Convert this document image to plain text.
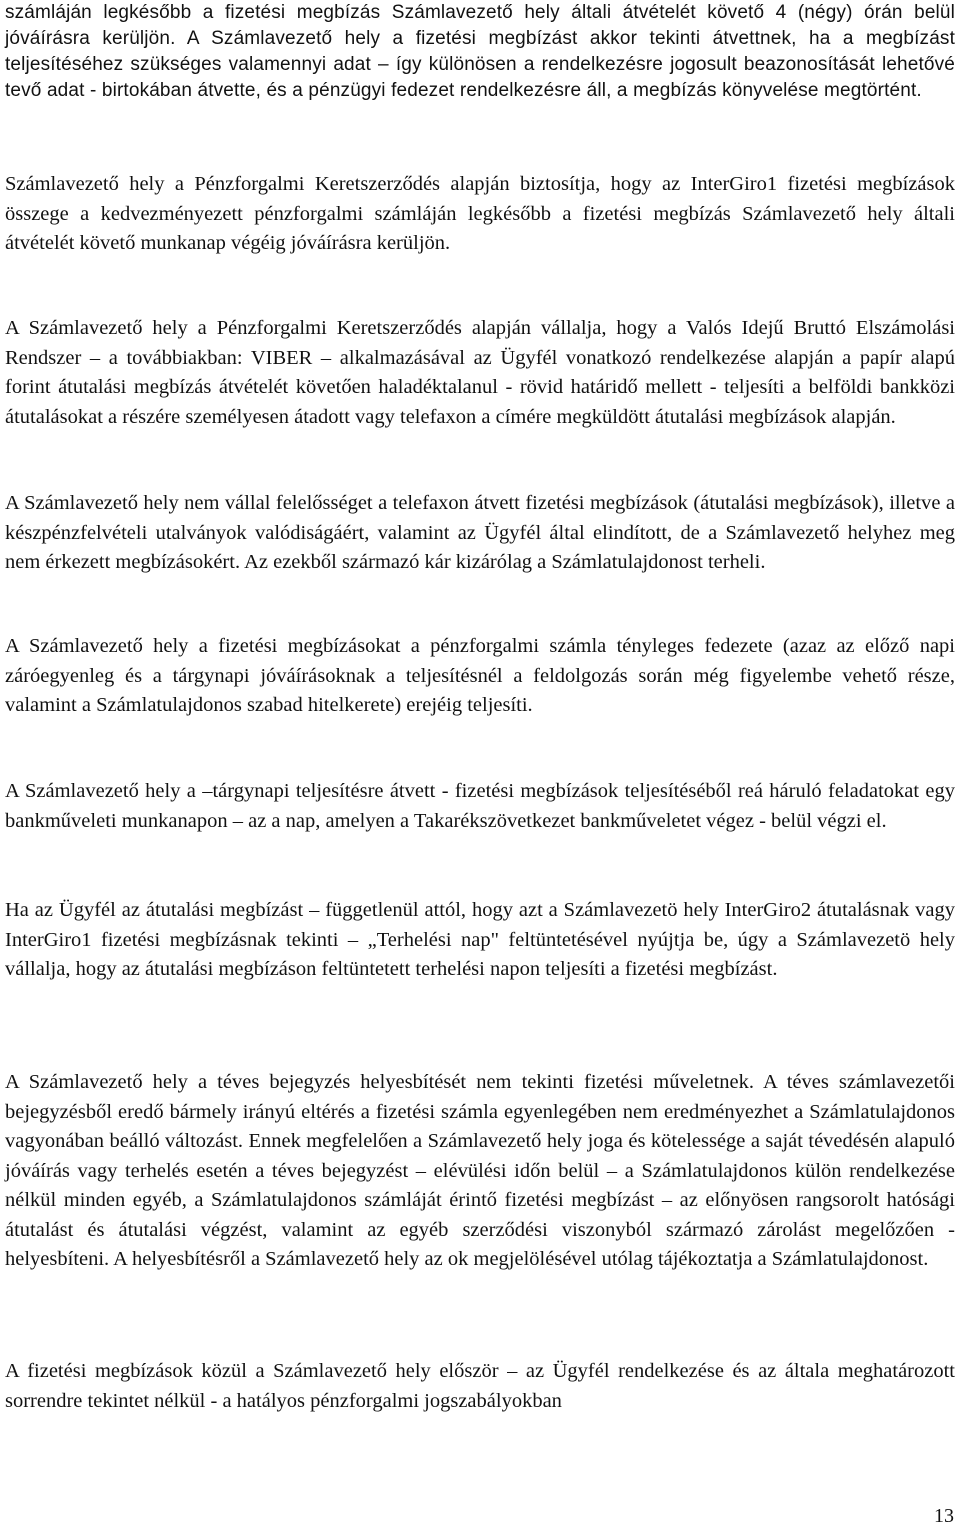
számláján legkésőbb a fizetési megbízás Számlavezető hely általi átvételét követő 4 (négy) órán belül jóváírásra kerüljön. A Számlavezető hely a fizetési megbízást akkor tekinti átvettnek, ha a megbízást teljesítéséhez szükséges valamennyi adat – így különösen a rendelkezésre jogosult beazonosítását lehetővé tevő adat - birtokában átvette, és a pénzügyi fedezet rendelkezésre áll, a megbízás könyvelése megtörtént.

Számlavezető hely a Pénzforgalmi Keretszerződés alapján biztosítja, hogy az InterGiro1 fizetési megbízások összege a kedvezményezett pénzforgalmi számláján legkésőbb a fizetési megbízás Számlavezető hely általi átvételét követő munkanap végéig jóváírásra kerüljön.

A Számlavezető hely a Pénzforgalmi Keretszerződés alapján vállalja, hogy a Valós Idejű Bruttó Elszámolási Rendszer – a továbbiakban: VIBER – alkalmazásával az Ügyfél vonatkozó rendelkezése alapján a papír alapú forint átutalási megbízás átvételét követően haladéktalanul - rövid határidő mellett - teljesíti a belföldi bankközi átutalásokat a részére személyesen átadott vagy telefaxon a címére megküldött átutalási megbízások alapján.

A Számlavezető hely nem vállal felelősséget a telefaxon átvett fizetési megbízások (átutalási megbízások), illetve a készpénzfelvételi utalványok valódiságáért, valamint az Ügyfél által elindított, de a Számlavezető helyhez meg nem érkezett megbízásokért. Az ezekből származó kár kizárólag a Számlatulajdonost terheli.

A Számlavezető hely a fizetési megbízásokat a pénzforgalmi számla tényleges fedezete (azaz az előző napi záróegyenleg és a tárgynapi jóváírásoknak a teljesítésnél a feldolgozás során még figyelembe vehető része, valamint a Számlatulajdonos szabad hitelkerete) erejéig teljesíti.

A Számlavezető hely a –tárgynapi teljesítésre átvett - fizetési megbízások teljesítéséből reá háruló feladatokat egy bankműveleti munkanapon – az a nap, amelyen a Takarékszövetkezet bankműveletet végez - belül végzi el.

Ha az Ügyfél az átutalási megbízást – függetlenül attól, hogy azt a Számlavezetö hely InterGiro2 átutalásnak vagy InterGiro1 fizetési megbízásnak tekinti – „Terhelési nap" feltüntetésével nyújtja be, úgy a Számlavezetö hely vállalja, hogy az átutalási megbízáson feltüntetett terhelési napon teljesíti a fizetési megbízást.

A Számlavezető hely a téves bejegyzés helyesbítését nem tekinti fizetési műveletnek. A téves számlavezetői bejegyzésből eredő bármely irányú eltérés a fizetési számla egyenlegében nem eredményezhet a Számlatulajdonos vagyonában beálló változást. Ennek megfelelően a Számlavezető hely joga és kötelessége a saját tévedésén alapuló jóváírás vagy terhelés esetén a téves bejegyzést – elévülési időn belül – a Számlatulajdonos külön rendelkezése nélkül minden egyéb, a Számlatulajdonos számláját érintő fizetési megbízást – az előnyösen rangsorolt hatósági átutalást és átutalási végzést, valamint az egyéb szerződési viszonyból származó zárolást megelőzően - helyesbíteni. A helyesbítésről a Számlavezető hely az ok megjelölésével utólag tájékoztatja a Számlatulajdonost.

A fizetési megbízások közül a Számlavezető hely először – az Ügyfél rendelkezése és az általa meghatározott sorrendre tekintet nélkül - a hatályos pénzforgalmi jogszabályokban

13
